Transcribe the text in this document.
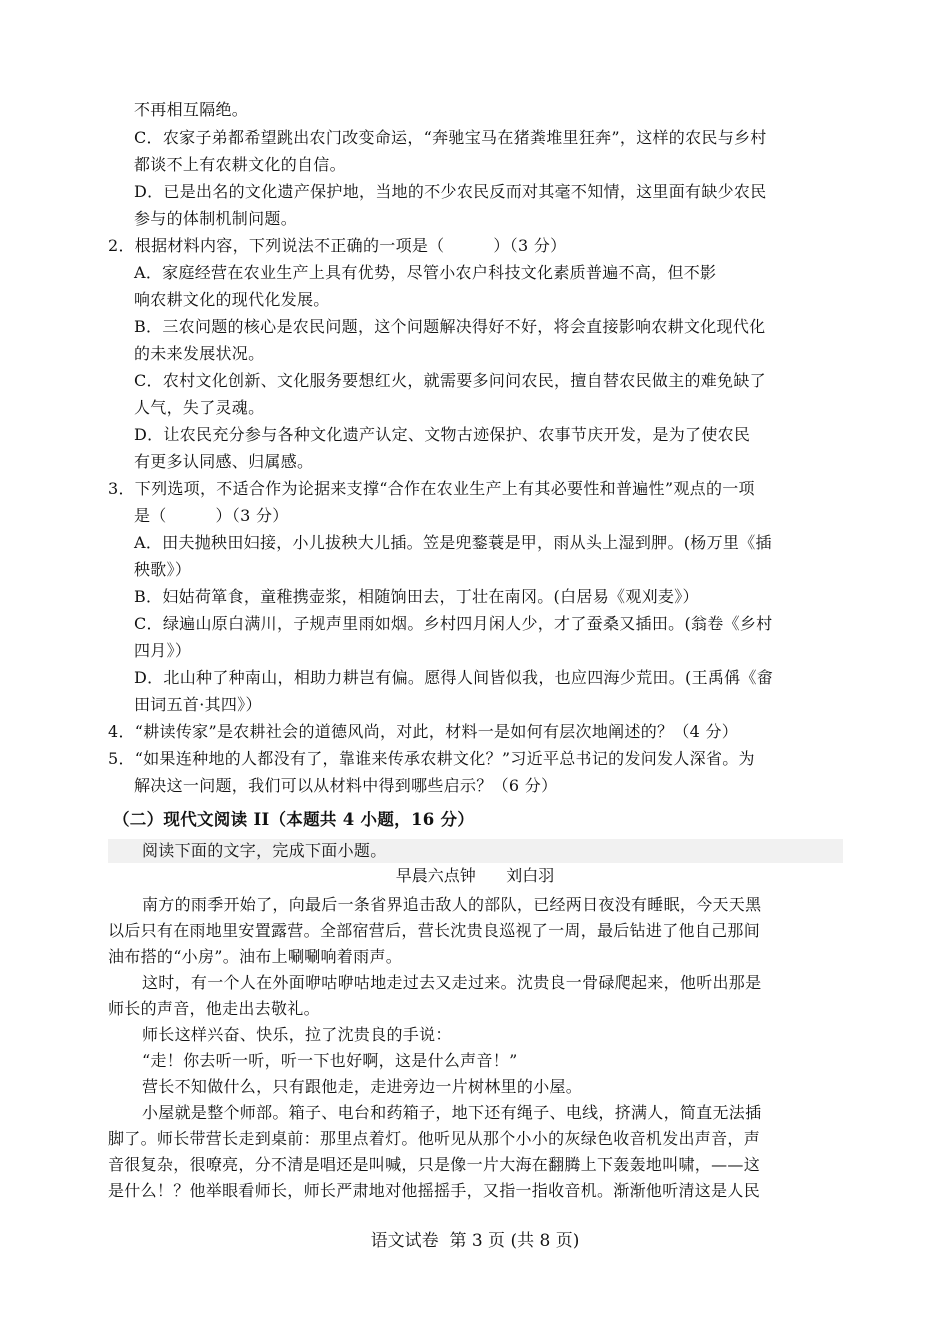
不再相互隔绝。
C．农家子弟都希望跳出农门改变命运，“奔驰宝马在猪粪堆里狂奔”，这样的农民与乡村
都谈不上有农耕文化的自信。
D．已是出名的文化遗产保护地，当地的不少农民反而对其毫不知情，这里面有缺少农民
参与的体制机制问题。
2．根据材料内容，下列说法不正确的一项是（　　　）（3 分）
A．家庭经营在农业生产上具有优势，尽管小农户科技文化素质普遍不高，但不影
响农耕文化的现代化发展。
B．三农问题的核心是农民问题，这个问题解决得好不好，将会直接影响农耕文化现代化
的未来发展状况。
C．农村文化创新、文化服务要想红火，就需要多问问农民，擅自替农民做主的难免缺了
人气，失了灵魂。
D．让农民充分参与各种文化遗产认定、文物古迹保护、农事节庆开发，是为了使农民
有更多认同感、归属感。
3．下列选项，不适合作为论据来支撑“合作在农业生产上有其必要性和普遍性”观点的一项
是（　　　）（3 分）
A．田夫抛秧田妇接，小儿拔秧大儿插。笠是兜鍪蓑是甲，雨从头上湿到胛。(杨万里《插
秧歌》）
B．妇姑荷箪食，童稚携壶浆，相随饷田去，丁壮在南冈。(白居易《观刈麦》）
C．绿遍山原白满川，子规声里雨如烟。乡村四月闲人少，才了蚕桑又插田。(翁卷《乡村
四月》）
D．北山种了种南山，相助力耕岂有偏。愿得人间皆似我，也应四海少荒田。(王禹偁《畲
田词五首·其四》）
4．“耕读传家”是农耕社会的道德风尚，对此，材料一是如何有层次地阐述的？（4 分）
5．“如果连种地的人都没有了，靠谁来传承农耕文化？”习近平总书记的发问发人深省。为
解决这一问题，我们可以从材料中得到哪些启示？（6 分）
（二）现代文阅读 II（本题共 4 小题，16 分）
阅读下面的文字，完成下面小题。
早晨六点钟 刘白羽
南方的雨季开始了，向最后一条省界追击敌人的部队，已经两日夜没有睡眠，今天天黑
以后只有在雨地里安置露营。全部宿营后，营长沈贵良巡视了一周，最后钻进了他自己那间
油布搭的“小房”。油布上唰唰响着雨声。
这时，有一个人在外面咿咕咿咕地走过去又走过来。沈贵良一骨碌爬起来，他听出那是
师长的声音，他走出去敬礼。
师长这样兴奋、快乐，拉了沈贵良的手说：
“走！你去听一听，听一下也好啊，这是什么声音！”
营长不知做什么，只有跟他走，走进旁边一片树林里的小屋。
小屋就是整个师部。箱子、电台和药箱子，地下还有绳子、电线，挤满人，简直无法插
脚了。师长带营长走到桌前：那里点着灯。他听见从那个小小的灰绿色收音机发出声音，声
音很复杂，很嘹亮，分不清是唱还是叫喊，只是像一片大海在翻腾上下轰轰地叫啸，——这
是什么！？他举眼看师长，师长严肃地对他摇摇手，又指一指收音机。渐渐他听清这是人民
语文试卷 第 3 页 (共 8 页)
